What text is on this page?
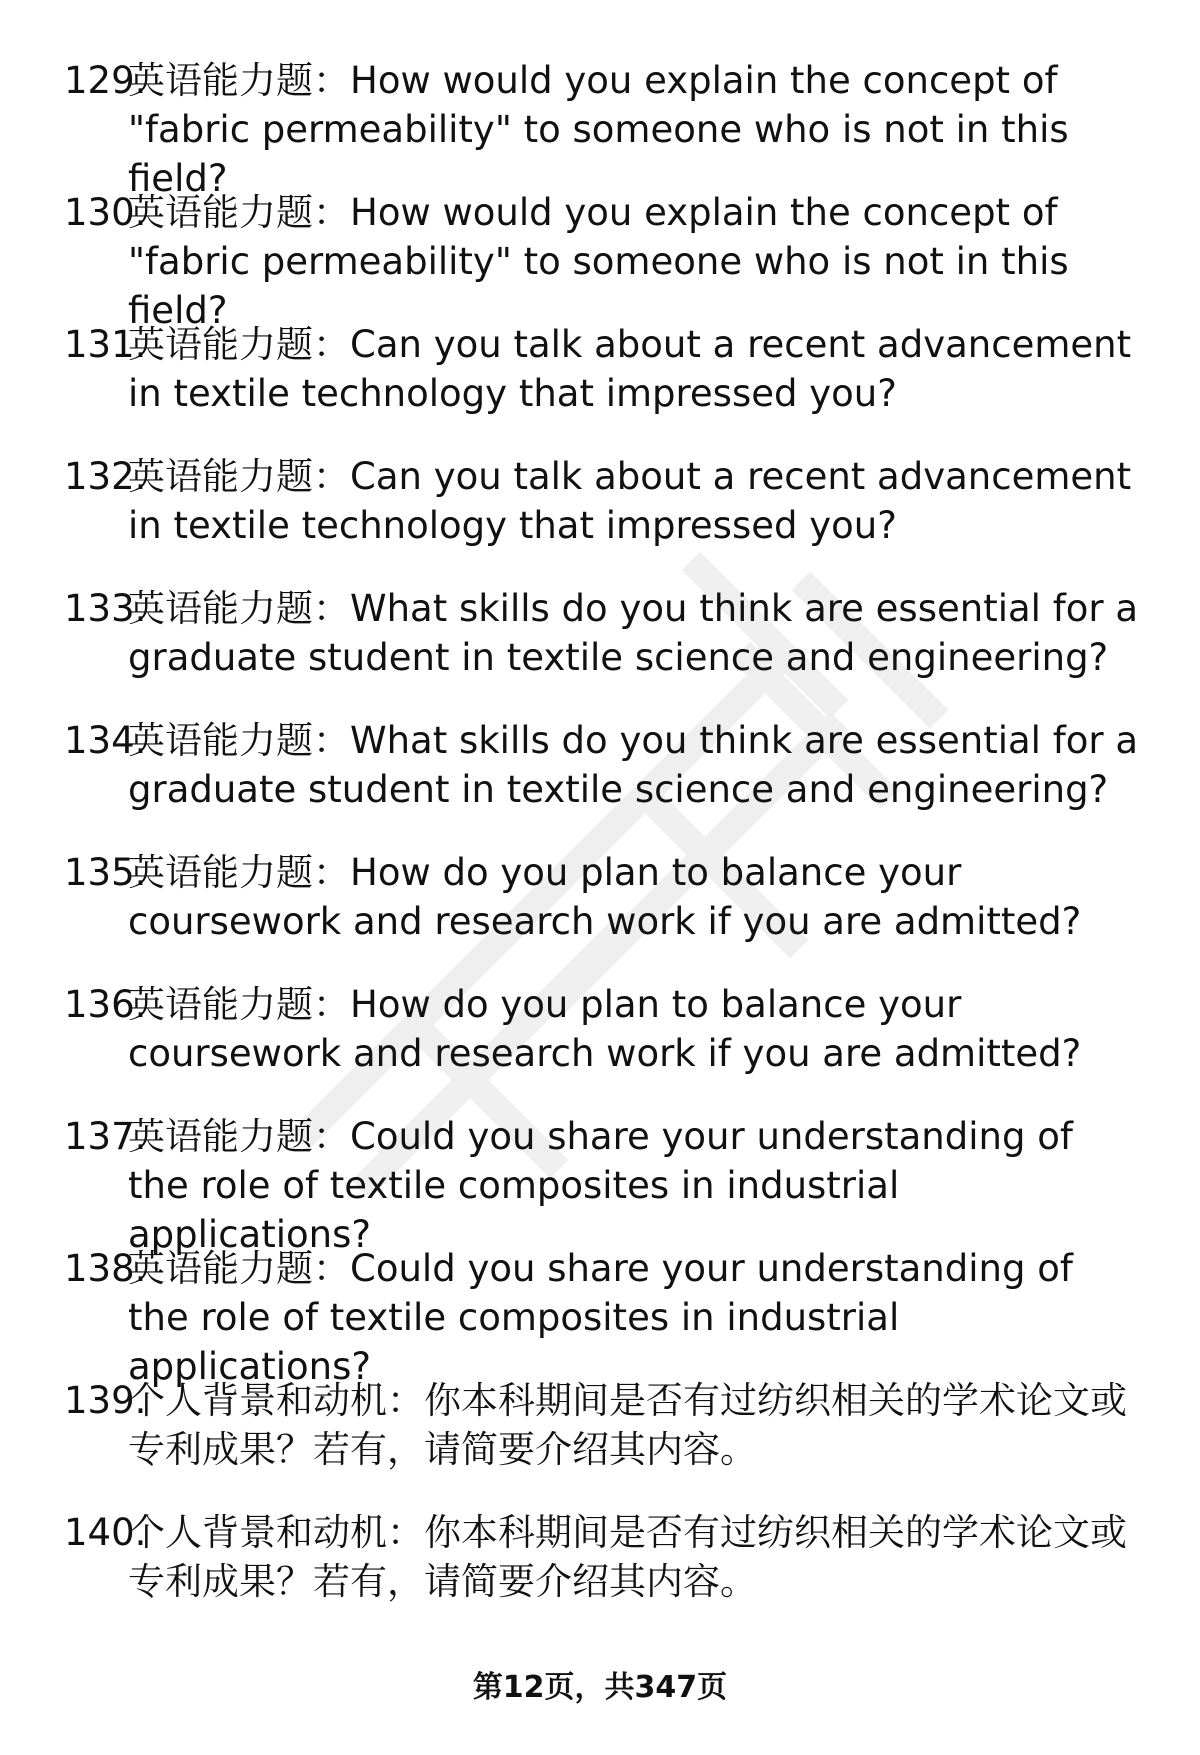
129.
英语能力题：How would you explain the concept of "fabric permeability" to someone who is not in this field?
130.
英语能力题：How would you explain the concept of "fabric permeability" to someone who is not in this field?
131.
英语能力题：Can you talk about a recent advancement in textile technology that impressed you?
132.
英语能力题：Can you talk about a recent advancement in textile technology that impressed you?
133.
英语能力题：What skills do you think are essential for a graduate student in textile science and engineering?
134.
英语能力题：What skills do you think are essential for a graduate student in textile science and engineering?
135.
英语能力题：How do you plan to balance your coursework and research work if you are admitted?
136.
英语能力题：How do you plan to balance your coursework and research work if you are admitted?
137.
英语能力题：Could you share your understanding of the role of textile composites in industrial applications?
138.
英语能力题：Could you share your understanding of the role of textile composites in industrial applications?
139.
个人背景和动机：你本科期间是否有过纺织相关的学术论文或专利成果？若有，请简要介绍其内容。
140.
个人背景和动机：你本科期间是否有过纺织相关的学术论文或专利成果？若有，请简要介绍其内容。
第12页，共347页
